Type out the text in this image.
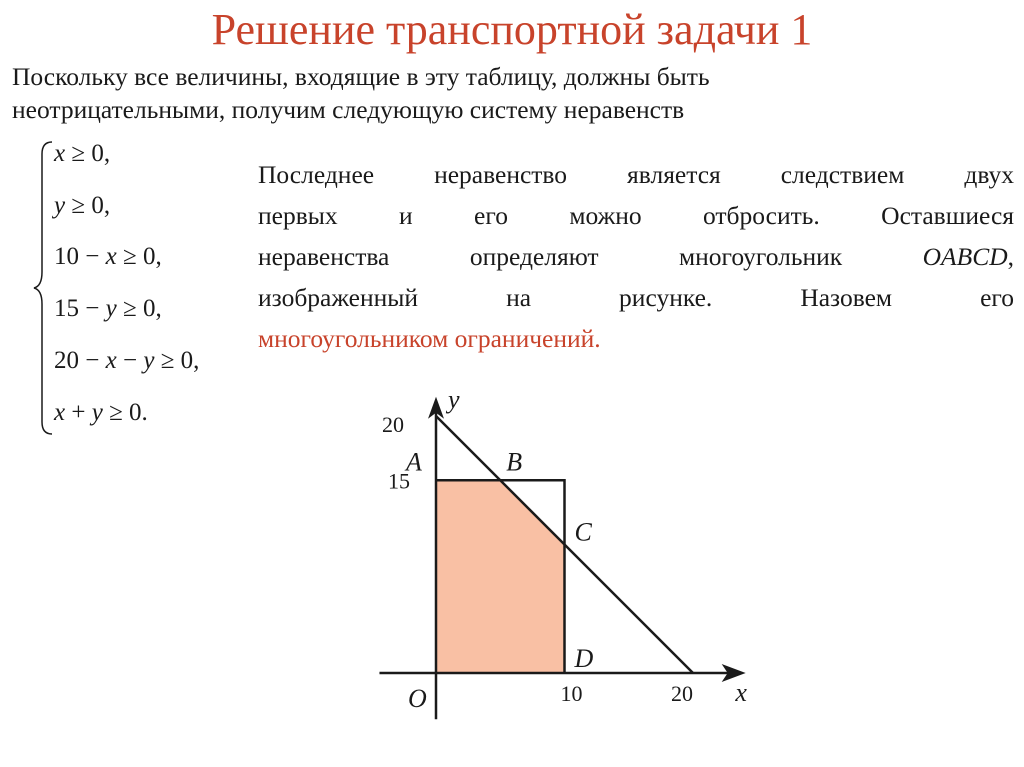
Решение транспортной задачи 1
Поскольку все величины, входящие в эту таблицу, должны быть
неотрицательными, получим следующую систему неравенств
x ≥ 0,
y ≥ 0,
10 − x ≥ 0,
15 − y ≥ 0,
20 − x − y ≥ 0,
x + y ≥ 0.
Последнее неравенство является следствием двух
первых и его можно отбросить. Оставшиеся
неравенства определяют многоугольник OABCD,
изображенный на рисунке. Назовем его
многоугольником ограничений.
x
y
O	10	20
15
20
A	B
C
D
